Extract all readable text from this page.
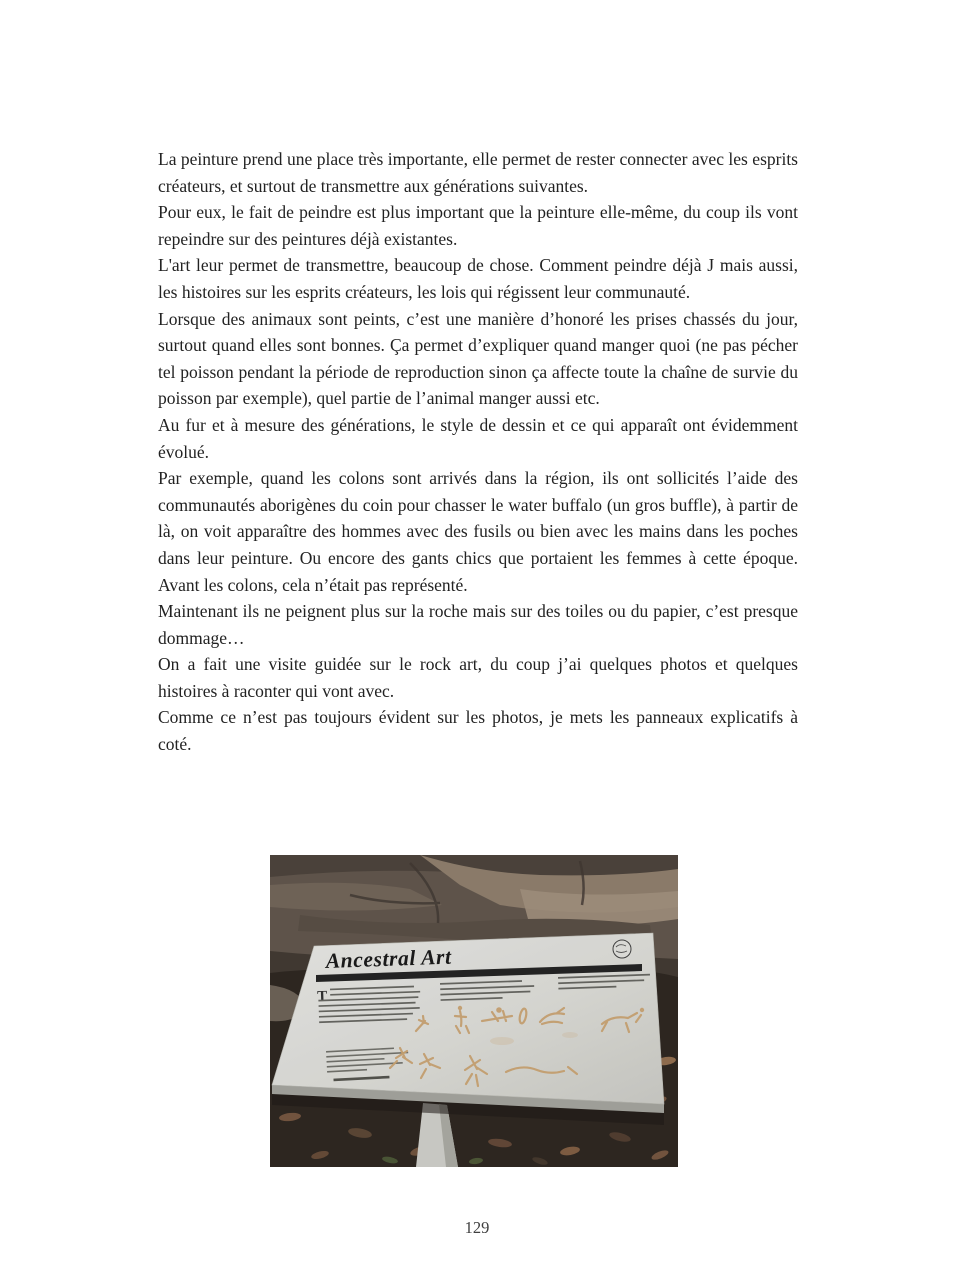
La peinture prend une place très importante, elle permet de rester connecter avec les esprits créateurs, et surtout de transmettre aux générations suivantes.

Pour eux, le fait de peindre est plus important que la peinture elle-même, du coup ils vont repeindre sur des peintures déjà existantes.

L'art leur permet de transmettre, beaucoup de chose. Comment peindre déjà J mais aussi, les histoires sur les esprits créateurs, les lois qui régissent leur communauté.

Lorsque des animaux sont peints, c’est une manière d’honoré les prises chassés du jour, surtout quand elles sont bonnes. Ça permet d’expliquer quand manger quoi (ne pas pécher tel poisson pendant la période de reproduction sinon ça affecte toute la chaîne de survie du poisson par exemple), quel partie de l’animal manger aussi etc.

Au fur et à mesure des générations, le style de dessin et ce qui apparaît ont évidemment évolué.

Par exemple, quand les colons sont arrivés dans la région, ils ont sollicités l’aide des communautés aborigènes du coin pour chasser le water buffalo (un gros buffle), à partir de là, on voit apparaître des hommes avec des fusils ou bien avec les mains dans les poches dans leur peinture. Ou encore des gants chics que portaient les femmes à cette époque. Avant les colons, cela n’était pas représenté.

Maintenant ils ne peignent plus sur la roche mais sur des toiles ou du papier, c’est presque dommage…

On a fait une visite guidée sur le rock art, du coup j’ai quelques photos et quelques histoires à raconter qui vont avec.

Comme ce n’est pas toujours évident sur les photos, je mets les panneaux explicatifs à coté.

Ancestral Art
T
129
